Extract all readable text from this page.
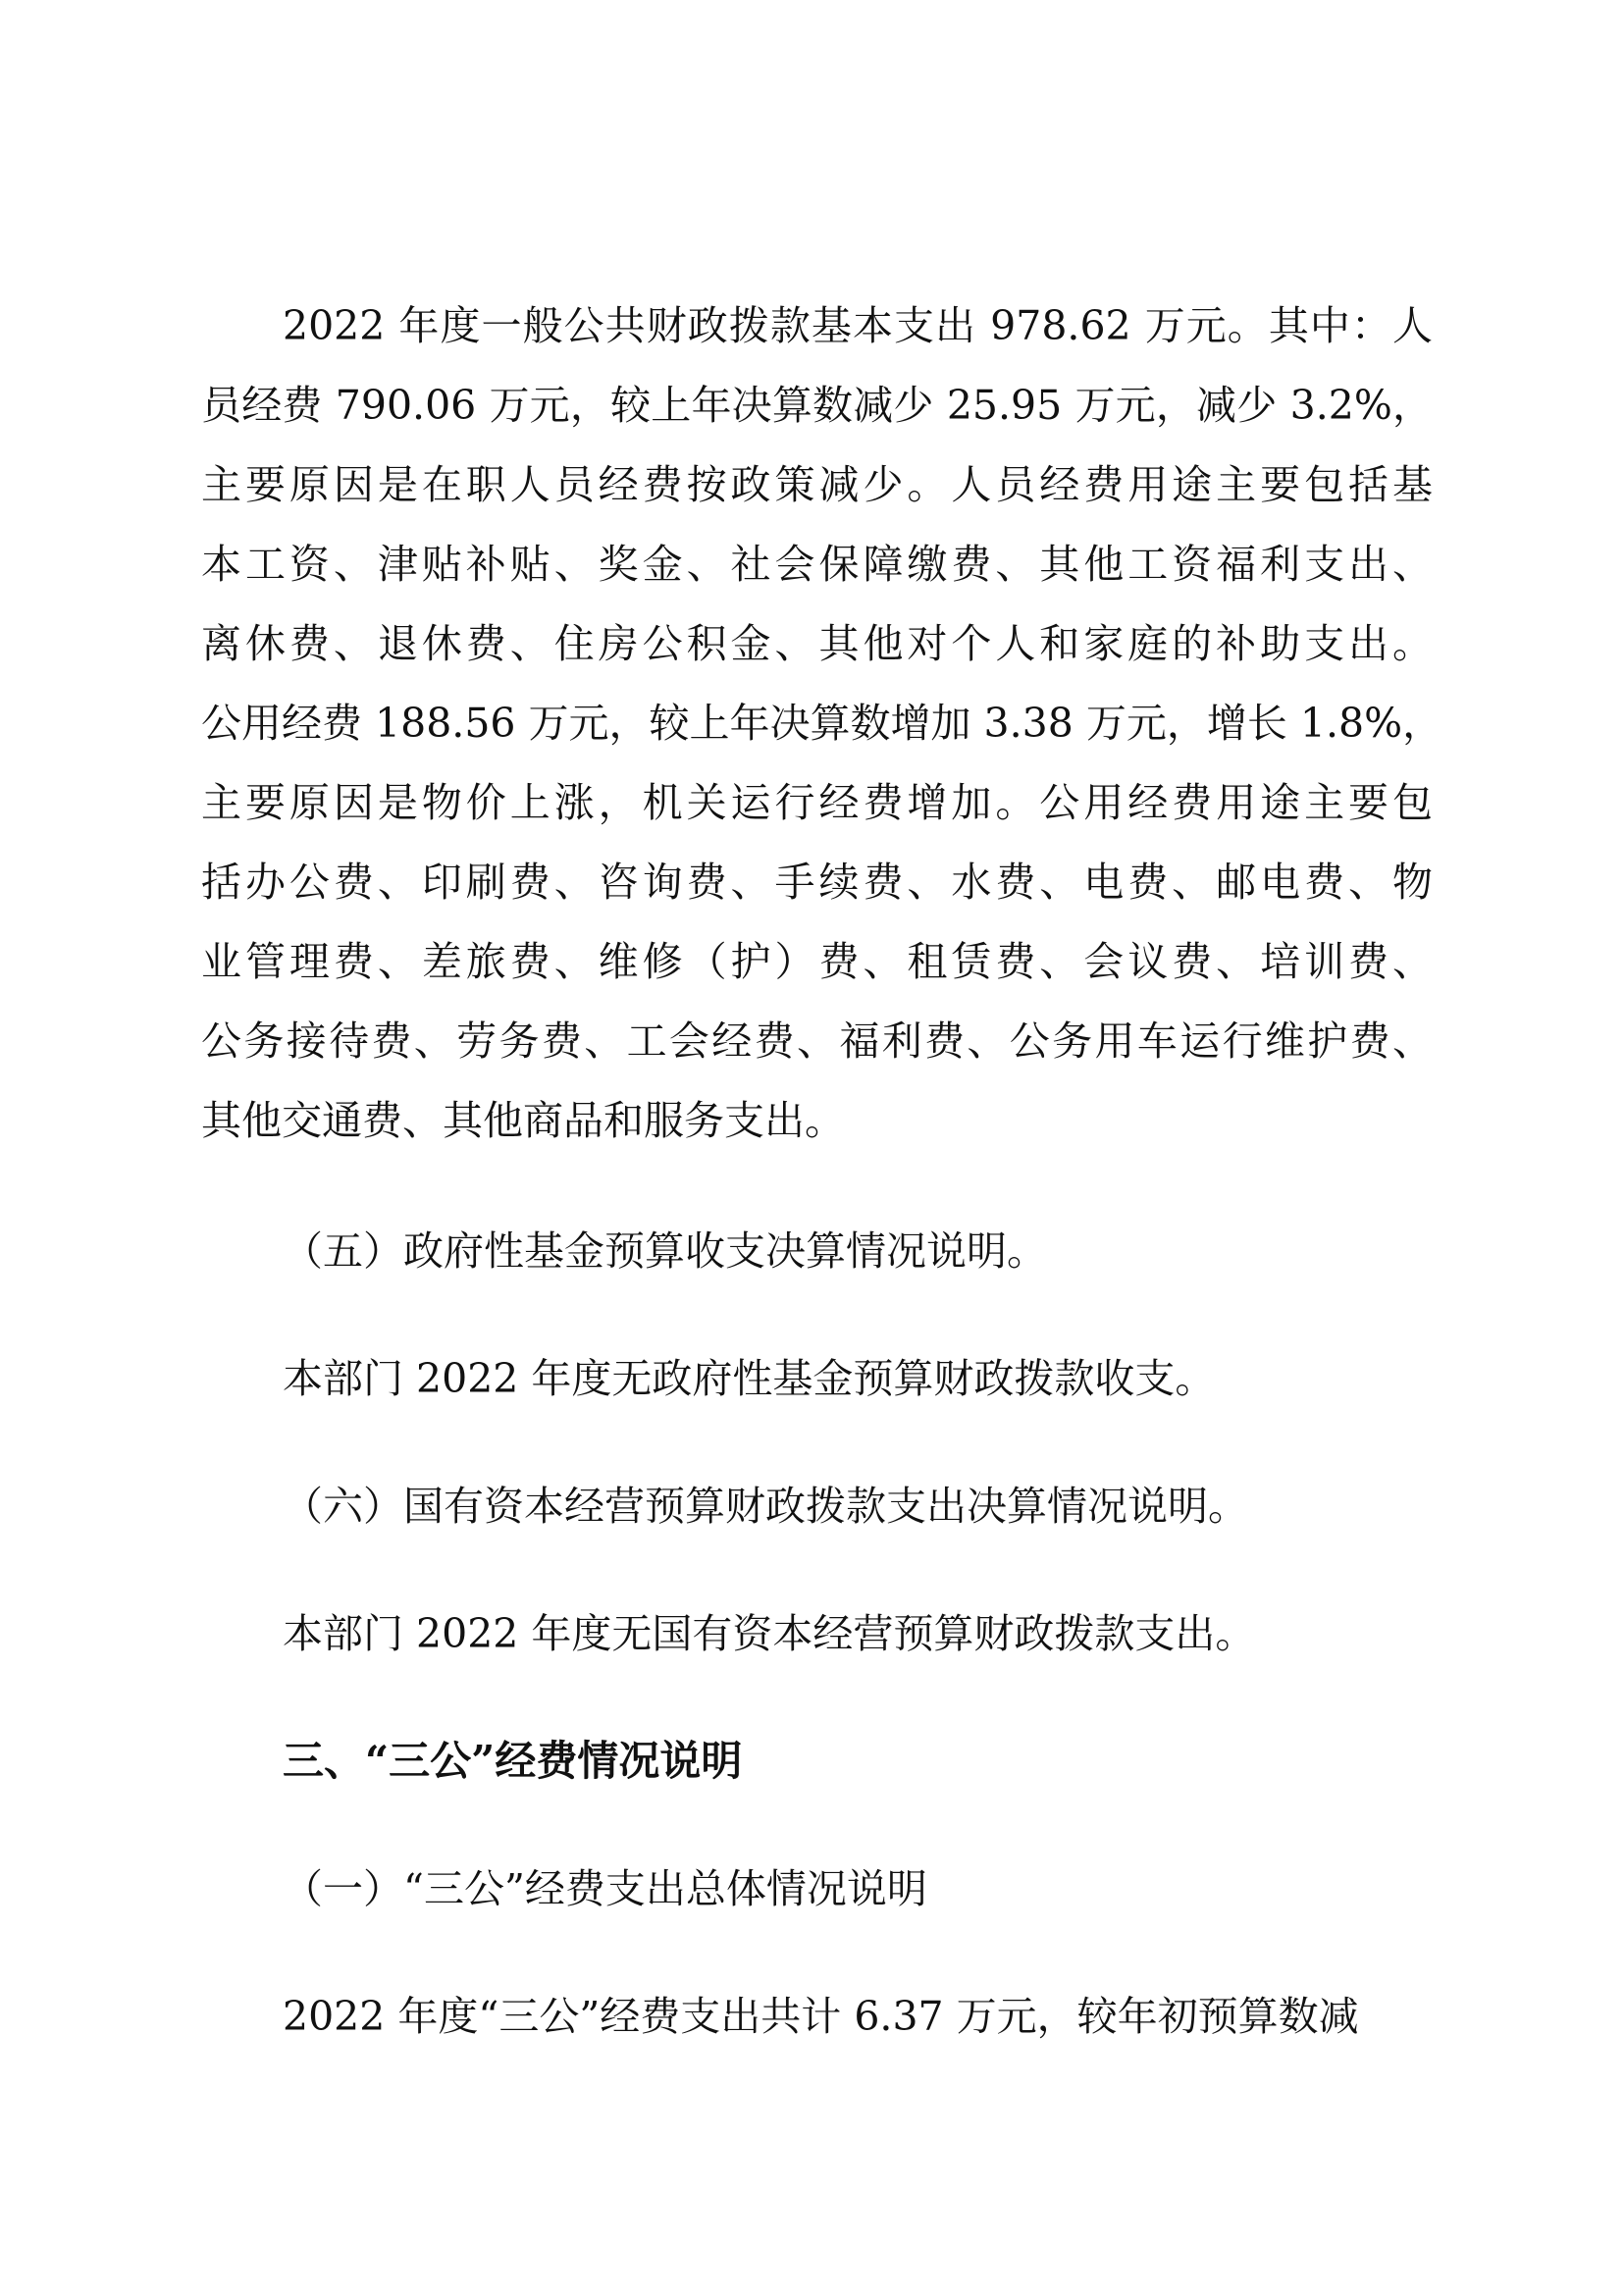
2022 年度一般公共财政拨款基本支出 978.62 万元。其中：人
员经费 790.06 万元，较上年决算数减少 25.95 万元，减少 3.2%，
主要原因是在职人员经费按政策减少。人员经费用途主要包括基
本工资、津贴补贴、奖金、社会保障缴费、其他工资福利支出、
离休费、退休费、住房公积金、其他对个人和家庭的补助支出。
公用经费 188.56 万元，较上年决算数增加 3.38 万元，增长 1.8%，
主要原因是物价上涨，机关运行经费增加。公用经费用途主要包
括办公费、印刷费、咨询费、手续费、水费、电费、邮电费、物
业管理费、差旅费、维修（护）费、租赁费、会议费、培训费、
公务接待费、劳务费、工会经费、福利费、公务用车运行维护费、
其他交通费、其他商品和服务支出。
（五）政府性基金预算收支决算情况说明。
本部门 2022 年度无政府性基金预算财政拨款收支。
（六）国有资本经营预算财政拨款支出决算情况说明。
本部门 2022 年度无国有资本经营预算财政拨款支出。
三、“三公”经费情况说明
（一）“三公”经费支出总体情况说明
2022 年度“三公”经费支出共计 6.37 万元，较年初预算数减
